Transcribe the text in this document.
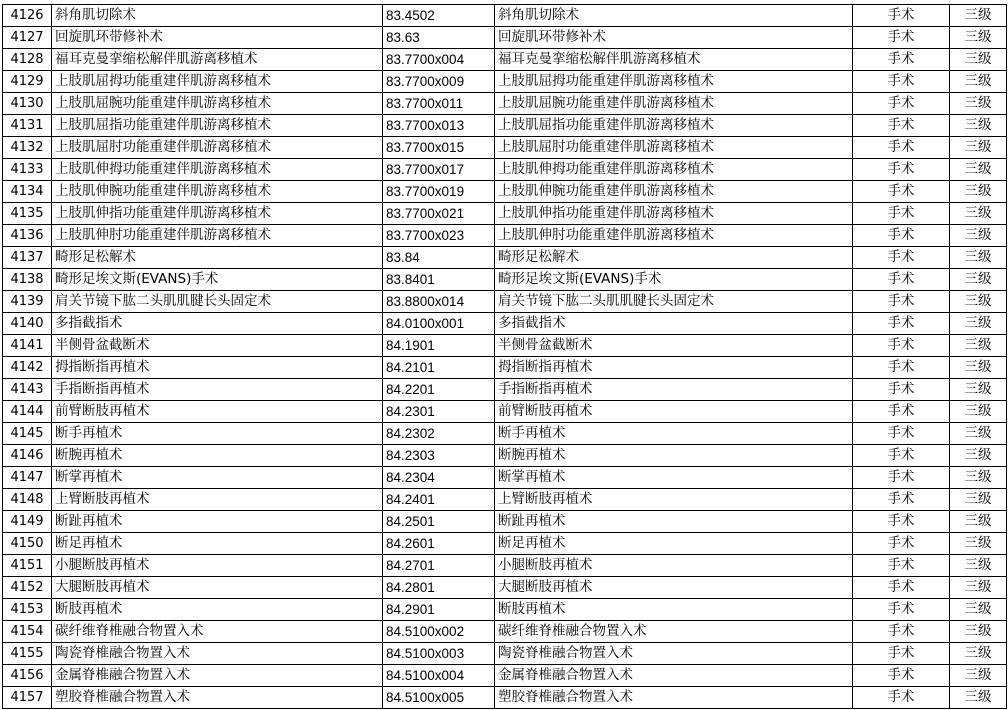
4126	斜角肌切除术	83.4502	斜角肌切除术	手术	三级
4127	回旋肌环带修补术	83.63	回旋肌环带修补术	手术	三级
4128	福耳克曼挛缩松解伴肌游离移植术	83.7700x004	福耳克曼挛缩松解伴肌游离移植术	手术	三级
4129	上肢肌屈拇功能重建伴肌游离移植术	83.7700x009	上肢肌屈拇功能重建伴肌游离移植术	手术	三级
4130	上肢肌屈腕功能重建伴肌游离移植术	83.7700x011	上肢肌屈腕功能重建伴肌游离移植术	手术	三级
4131	上肢肌屈指功能重建伴肌游离移植术	83.7700x013	上肢肌屈指功能重建伴肌游离移植术	手术	三级
4132	上肢肌屈肘功能重建伴肌游离移植术	83.7700x015	上肢肌屈肘功能重建伴肌游离移植术	手术	三级
4133	上肢肌伸拇功能重建伴肌游离移植术	83.7700x017	上肢肌伸拇功能重建伴肌游离移植术	手术	三级
4134	上肢肌伸腕功能重建伴肌游离移植术	83.7700x019	上肢肌伸腕功能重建伴肌游离移植术	手术	三级
4135	上肢肌伸指功能重建伴肌游离移植术	83.7700x021	上肢肌伸指功能重建伴肌游离移植术	手术	三级
4136	上肢肌伸肘功能重建伴肌游离移植术	83.7700x023	上肢肌伸肘功能重建伴肌游离移植术	手术	三级
4137	畸形足松解术	83.84	畸形足松解术	手术	三级
4138	畸形足埃文斯(EVANS)手术	83.8401	畸形足埃文斯(EVANS)手术	手术	三级
4139	肩关节镜下肱二头肌肌腱长头固定术	83.8800x014	肩关节镜下肱二头肌肌腱长头固定术	手术	三级
4140	多指截指术	84.0100x001	多指截指术	手术	三级
4141	半侧骨盆截断术	84.1901	半侧骨盆截断术	手术	三级
4142	拇指断指再植术	84.2101	拇指断指再植术	手术	三级
4143	手指断指再植术	84.2201	手指断指再植术	手术	三级
4144	前臂断肢再植术	84.2301	前臂断肢再植术	手术	三级
4145	断手再植术	84.2302	断手再植术	手术	三级
4146	断腕再植术	84.2303	断腕再植术	手术	三级
4147	断掌再植术	84.2304	断掌再植术	手术	三级
4148	上臂断肢再植术	84.2401	上臂断肢再植术	手术	三级
4149	断趾再植术	84.2501	断趾再植术	手术	三级
4150	断足再植术	84.2601	断足再植术	手术	三级
4151	小腿断肢再植术	84.2701	小腿断肢再植术	手术	三级
4152	大腿断肢再植术	84.2801	大腿断肢再植术	手术	三级
4153	断肢再植术	84.2901	断肢再植术	手术	三级
4154	碳纤维脊椎融合物置入术	84.5100x002	碳纤维脊椎融合物置入术	手术	三级
4155	陶瓷脊椎融合物置入术	84.5100x003	陶瓷脊椎融合物置入术	手术	三级
4156	金属脊椎融合物置入术	84.5100x004	金属脊椎融合物置入术	手术	三级
4157	塑胶脊椎融合物置入术	84.5100x005	塑胶脊椎融合物置入术	手术	三级
